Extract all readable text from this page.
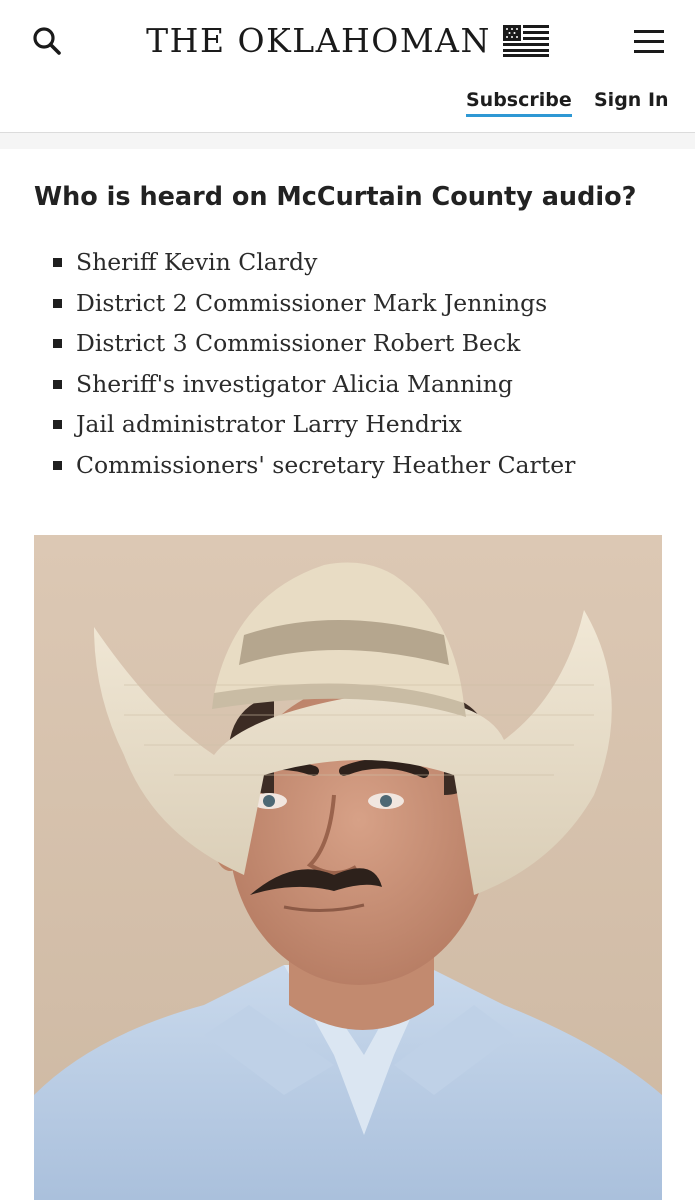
THE OKLAHOMAN
Subscribe Sign In
Who is heard on McCurtain County audio?
Sheriff Kevin Clardy
District 2 Commissioner Mark Jennings
District 3 Commissioner Robert Beck
Sheriff's investigator Alicia Manning
Jail administrator Larry Hendrix
Commissioners' secretary Heather Carter
